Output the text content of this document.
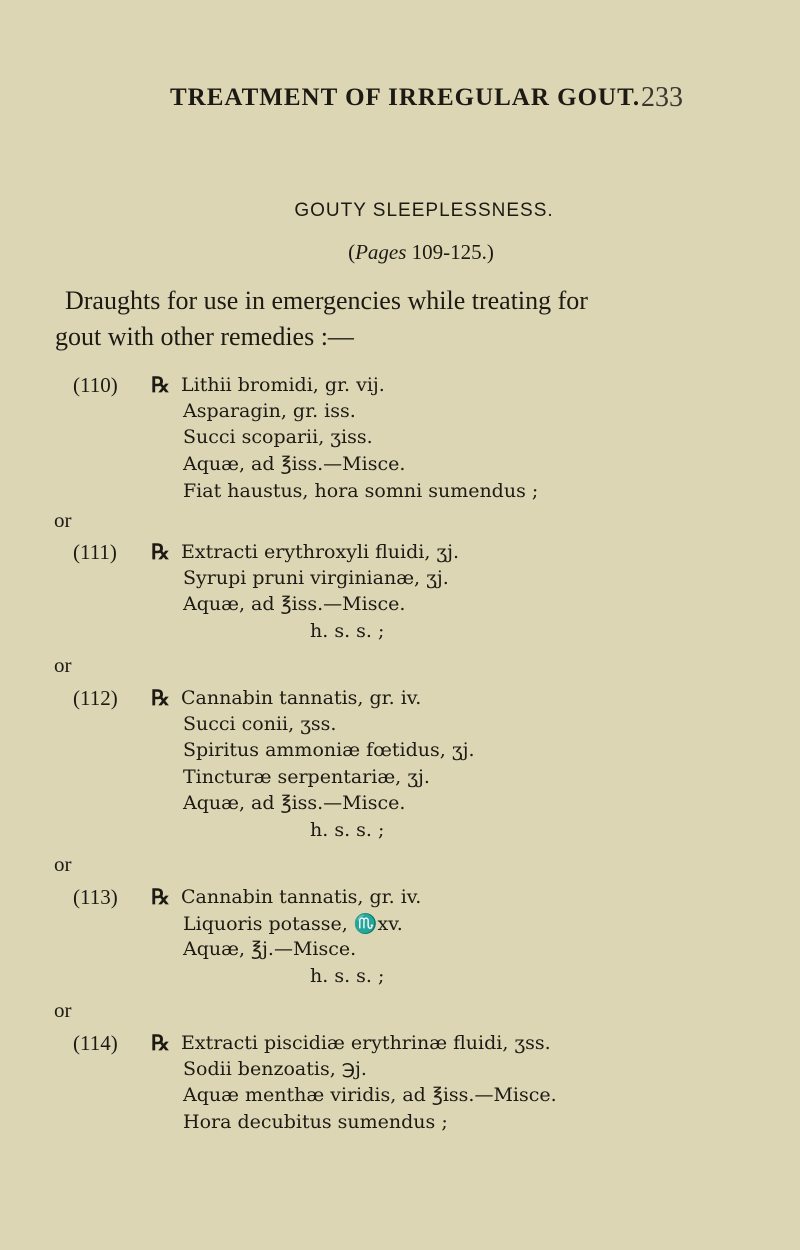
TREATMENT OF IRREGULAR GOUT. 233
GOUTY SLEEPLESSNESS.
(Pages 109-125.)
Draughts for use in emergencies while treating for
gout with other remedies :—
(110) ℞ Lithii bromidi, gr. vij.
Asparagin, gr. iss.
Succi scoparii, ʒiss.
Aquæ, ad ℥iss.—Misce.
Fiat haustus, hora somni sumendus ;
or
(111) ℞ Extracti erythroxyli fluidi, ʒj.
Syrupi pruni virginianæ, ʒj.
Aquæ, ad ℥iss.—Misce.
h. s. s. ;
or
(112) ℞ Cannabin tannatis, gr. iv.
Succi conii, ʒss.
Spiritus ammoniæ fœtidus, ʒj.
Tincturæ serpentariæ, ʒj.
Aquæ, ad ℥iss.—Misce.
h. s. s. ;
or
(113) ℞ Cannabin tannatis, gr. iv.
Liquoris potasse, ♏xv.
Aquæ, ℥j.—Misce.
h. s. s. ;
or
(114) ℞ Extracti piscidiæ erythrinæ fluidi, ʒss.
Sodii benzoatis, ℈j.
Aquæ menthæ viridis, ad ℥iss.—Misce.
Hora decubitus sumendus ;
